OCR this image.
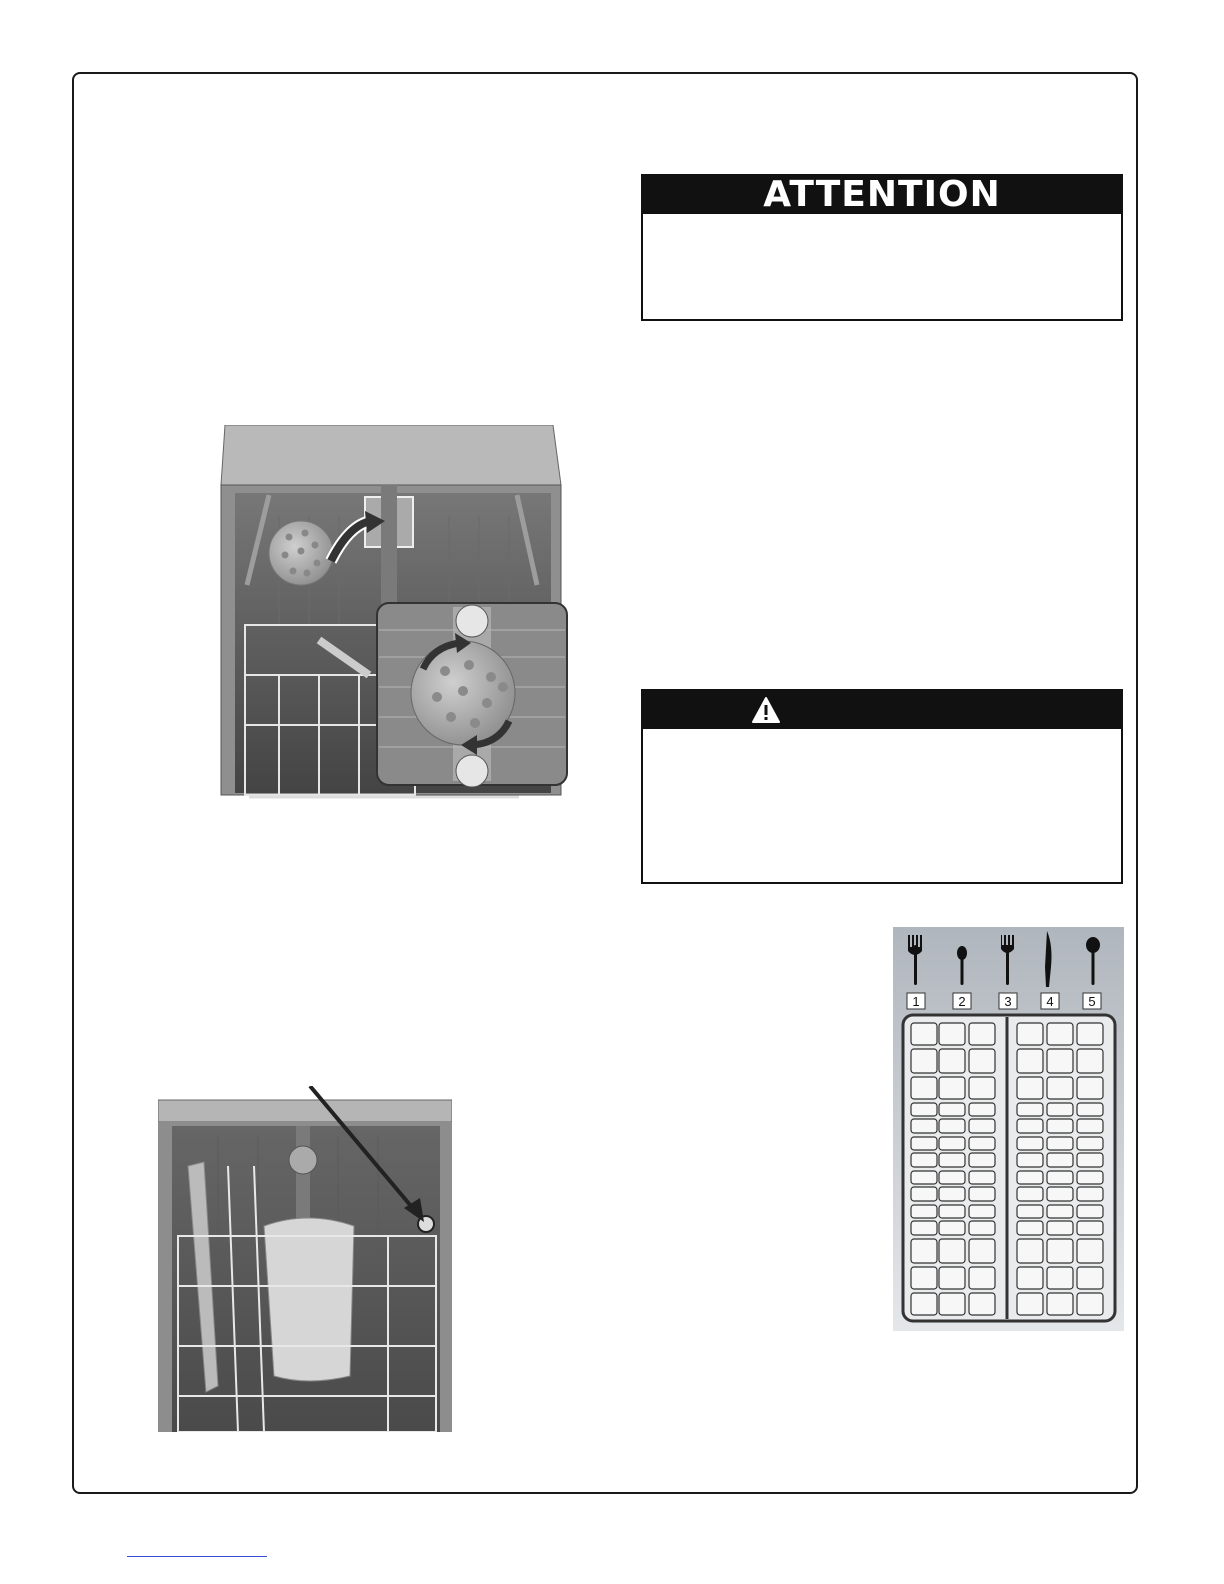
ATTENTION
1	2	3	4	5
